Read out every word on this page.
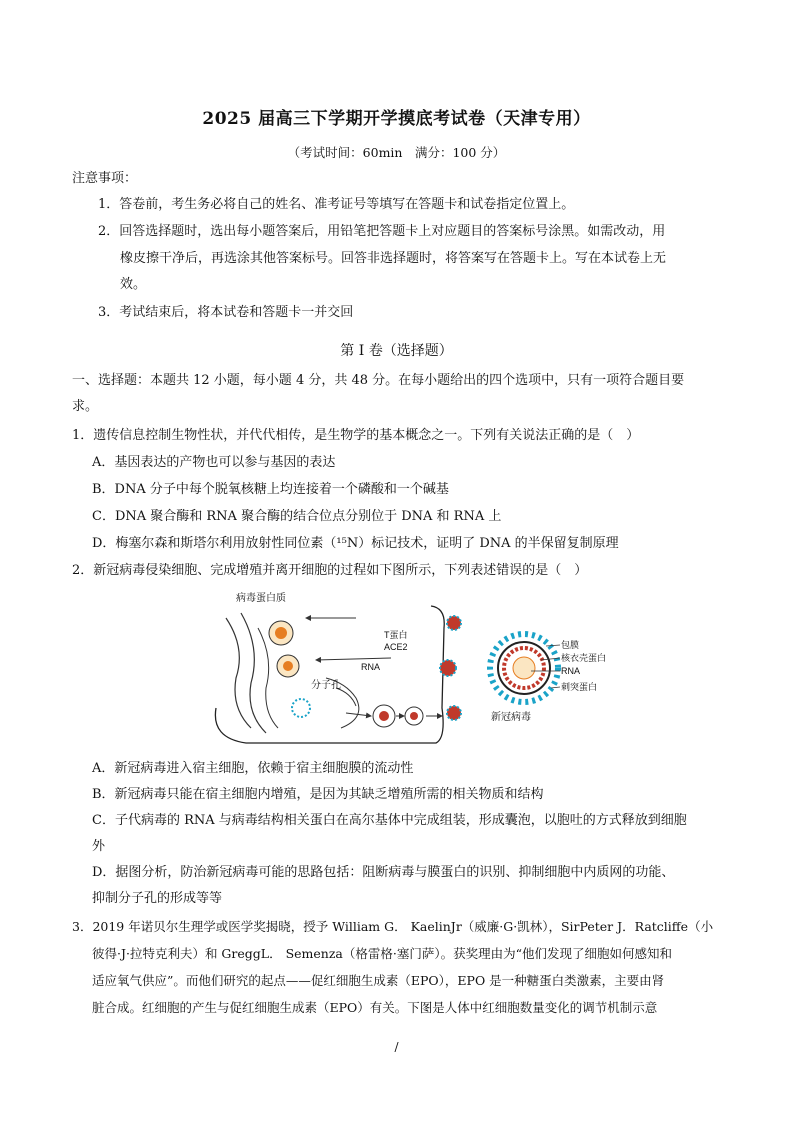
2025 届高三下学期开学摸底考试卷（天津专用）
（考试时间：60min　满分：100 分）
注意事项：
1．答卷前，考生务必将自己的姓名、准考证号等填写在答题卡和试卷指定位置上。
2．回答选择题时，选出每小题答案后，用铅笔把答题卡上对应题目的答案标号涂黑。如需改动，用
橡皮擦干净后，再选涂其他答案标号。回答非选择题时，将答案写在答题卡上。写在本试卷上无
效。
3．考试结束后，将本试卷和答题卡一并交回
第 I 卷（选择题）
一、选择题：本题共 12 小题，每小题 4 分，共 48 分。在每小题给出的四个选项中，只有一项符合题目要
求。
1．遗传信息控制生物性状，并代代相传，是生物学的基本概念之一。下列有关说法正确的是（　）
A．基因表达的产物也可以参与基因的表达
B．DNA 分子中每个脱氧核糖上均连接着一个磷酸和一个碱基
C．DNA 聚合酶和 RNA 聚合酶的结合位点分别位于 DNA 和 RNA 上
D．梅塞尔森和斯塔尔利用放射性同位素（¹⁵N）标记技术，证明了 DNA 的半保留复制原理
2．新冠病毒侵染细胞、完成增殖并离开细胞的过程如下图所示，下列表述错误的是（　）
病毒蛋白质
T蛋白
ACE2
RNA
分子孔
包膜
核衣壳蛋白
RNA
刺突蛋白
新冠病毒
A．新冠病毒进入宿主细胞，依赖于宿主细胞膜的流动性
B．新冠病毒只能在宿主细胞内增殖，是因为其缺乏增殖所需的相关物质和结构
C．子代病毒的 RNA 与病毒结构相关蛋白在高尔基体中完成组装，形成囊泡，以胞吐的方式释放到细胞
外
D．据图分析，防治新冠病毒可能的思路包括：阻断病毒与膜蛋白的识别、抑制细胞中内质网的功能、
抑制分子孔的形成等等
3．2019 年诺贝尔生理学或医学奖揭晓，授予 William G． KaelinJr（威廉·G·凯林），SirPeter J．Ratcliffe（小
彼得·J·拉特克利夫）和 GreggL． Semenza（格雷格·塞门萨）。获奖理由为“他们发现了细胞如何感知和
适应氧气供应”。而他们研究的起点——促红细胞生成素（EPO），EPO 是一种糖蛋白类激素，主要由肾
脏合成。红细胞的产生与促红细胞生成素（EPO）有关。下图是人体中红细胞数量变化的调节机制示意
/
